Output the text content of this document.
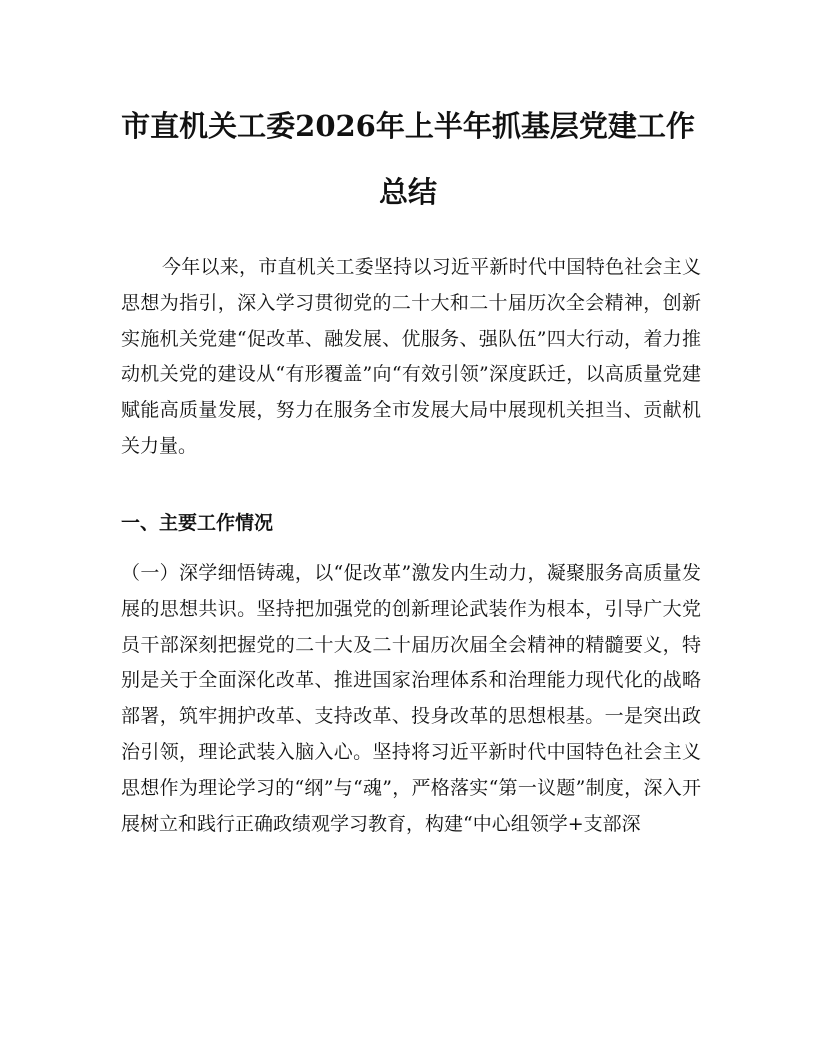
市直机关工委2026年上半年抓基层党建工作
总结

今年以来，市直机关工委坚持以习近平新时代中国特色社会主义思想为指引，深入学习贯彻党的二十大和二十届历次全会精神，创新实施机关党建“促改革、融发展、优服务、强队伍”四大行动，着力推动机关党的建设从“有形覆盖”向“有效引领”深度跃迁，以高质量党建赋能高质量发展，努力在服务全市发展大局中展现机关担当、贡献机关力量。

一、主要工作情况

（一）深学细悟铸魂，以“促改革”激发内生动力，凝聚服务高质量发展的思想共识。坚持把加强党的创新理论武装作为根本，引导广大党员干部深刻把握党的二十大及二十届历次届全会精神的精髓要义，特别是关于全面深化改革、推进国家治理体系和治理能力现代化的战略部署，筑牢拥护改革、支持改革、投身改革的思想根基。一是突出政治引领，理论武装入脑入心。坚持将习近平新时代中国特色社会主义思想作为理论学习的“纲”与“魂”，严格落实“第一议题”制度，深入开展树立和践行正确政绩观学习教育，构建“中心组领学+支部深
